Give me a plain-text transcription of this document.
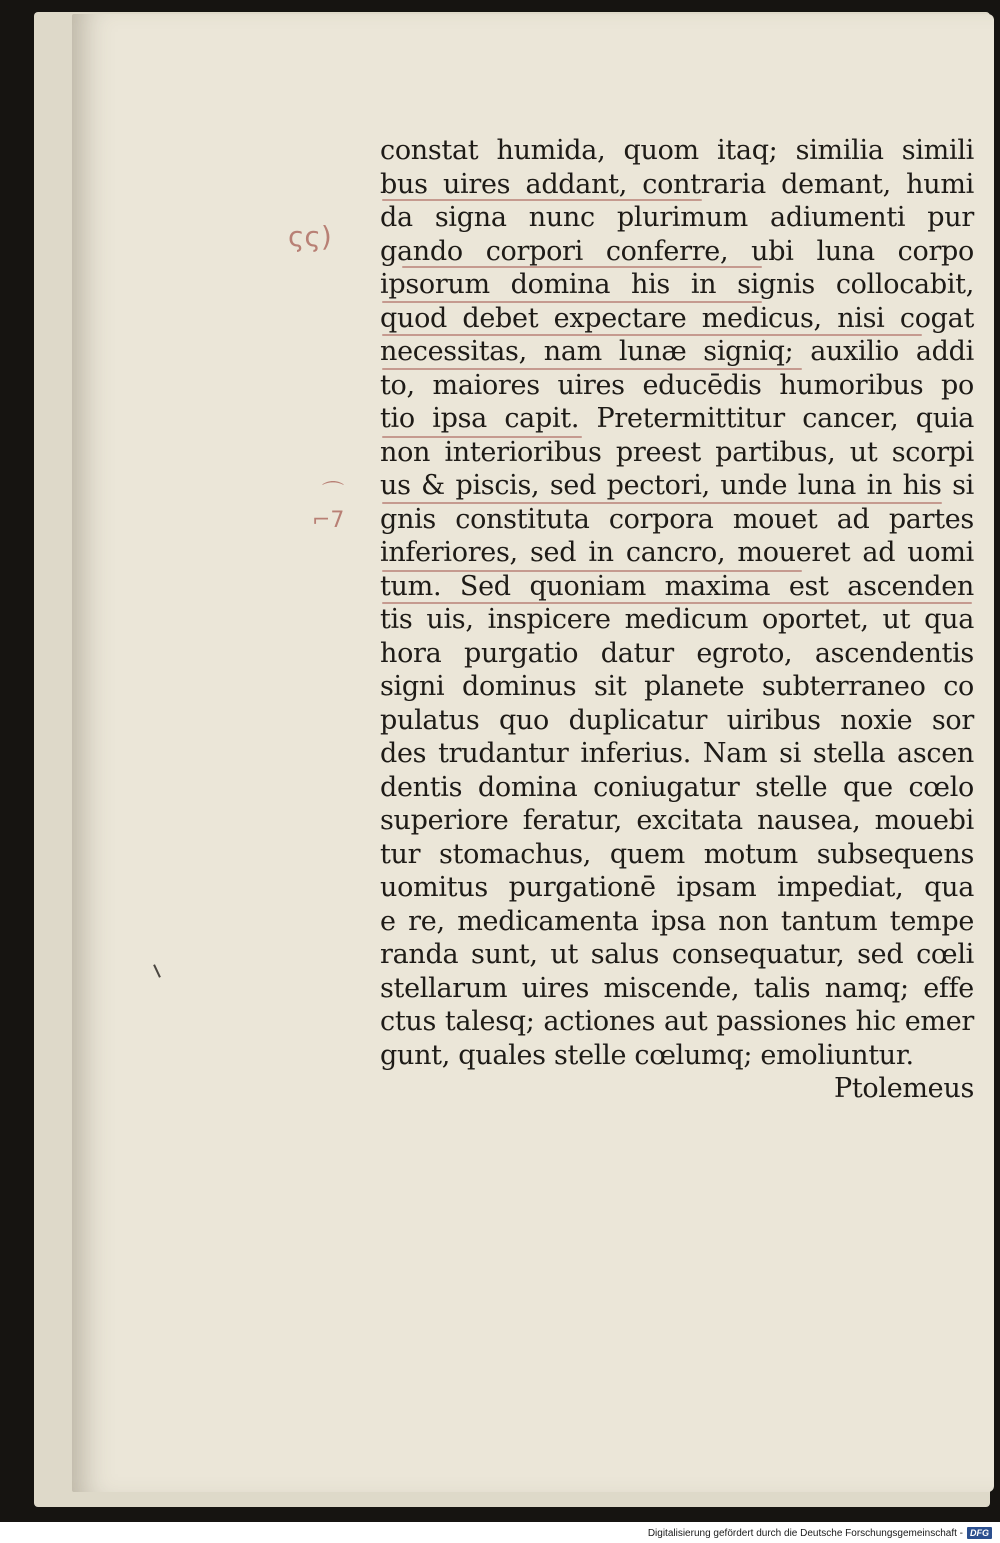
ςς)
⌒
⌐7
constat humida, quom itaq; similia simili
bus uires addant, contraria demant, humi
da signa nunc plurimum adiumenti pur
gando corpori conferre, ubi luna corpo
ipsorum domina his in signis collocabit,
quod debet expectare medicus, nisi cogat
necessitas, nam lunæ signiq; auxilio addi
to, maiores uires educēdis humoribus po
tio ipsa capit. Pretermittitur cancer, quia
non interioribus preest partibus, ut scorpi
us & piscis, sed pectori, unde luna in his si
gnis constituta corpora mouet ad partes
inferiores, sed in cancro, moueret ad uomi
tum. Sed quoniam maxima est ascenden
tis uis, inspicere medicum oportet, ut qua
hora purgatio datur egroto, ascendentis
signi dominus sit planete subterraneo co
pulatus quo duplicatur uiribus noxie sor
des trudantur inferius. Nam si stella ascen
dentis domina coniugatur stelle que cœlo
superiore feratur, excitata nausea, mouebi
tur stomachus, quem motum subsequens
uomitus purgationē ipsam impediat, qua
e re, medicamenta ipsa non tantum tempe
randa sunt, ut salus consequatur, sed cœli
stellarum uires miscende, talis namq; effe
ctus talesq; actiones aut passiones hic emer
gunt, quales stelle cœlumq; emoliuntur.
Ptolemeus
Digitalisierung gefördert durch die Deutsche Forschungsgemeinschaft - DFG
